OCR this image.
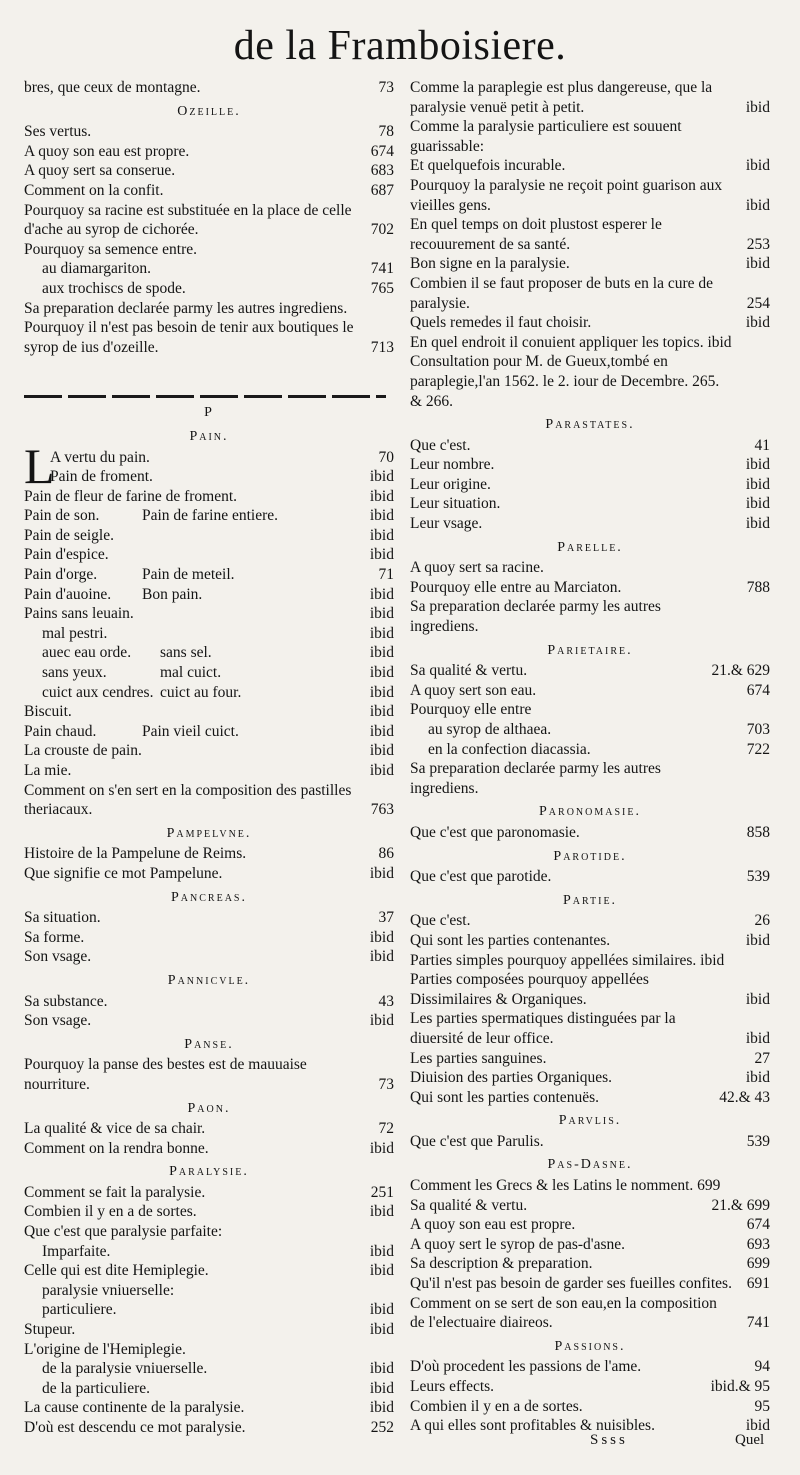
de la Framboisiere.
bres, que ceux de montagne.	73
Ozeille.
Ses vertus.	78
A quoy son eau est propre.	674
A quoy sert sa conserue.	683
Comment on la confit.	687
Pourquoy sa racine est substituée en la place de celle d'ache au syrop de cichorée.	702
Pourquoy sa semence entre.
au diamargariton.	741
aux trochiscs de spode.	765
Sa preparation declarée parmy les autres ingrediens.
Pourquoy il n'est pas besoin de tenir aux boutiques le syrop de ius d'ozeille.	713
P
Pain.
L
A vertu du pain.	70
Pain de froment.	ibid
Pain de fleur de farine de froment.	ibid
Pain de son.	Pain de farine entiere.	ibid
Pain de seigle.	ibid
Pain d'espice.	ibid
Pain d'orge.	Pain de meteil.	71
Pain d'auoine.	Bon pain.	ibid
Pains sans leuain.	ibid
mal pestri.	ibid
auec eau orde.	sans sel.	ibid
sans yeux.	mal cuict.	ibid
cuict aux cendres. cuict au four.	ibid
Biscuit.	ibid
Pain chaud.	Pain vieil cuict.	ibid
La crouste de pain.	ibid
La mie.	ibid
Comment on s'en sert en la composition des pastilles theriacaux.	763
Pampelvne.
Histoire de la Pampelune de Reims.	86
Que signifie ce mot Pampelune.	ibid
Pancreas.
Sa situation.	37
Sa forme.	ibid
Son vsage.	ibid
Pannicvle.
Sa substance.	43
Son vsage.	ibid
Panse.
Pourquoy la panse des bestes est de mauuaise nourriture.	73
Paon.
La qualité & vice de sa chair.	72
Comment on la rendra bonne.	ibid
Paralysie.
Comment se fait la paralysie.	251
Combien il y en a de sortes.	ibid
Que c'est que paralysie parfaite:
Imparfaite.	ibid
Celle qui est dite Hemiplegie.	ibid
paralysie vniuerselle:
particuliere.	ibid
Stupeur.	ibid
L'origine de l'Hemiplegie.
de la paralysie vniuerselle.	ibid
de la particuliere.	ibid
La cause continente de la paralysie.	ibid
D'où est descendu ce mot paralysie.	252
Comme la paraplegie est plus dangereuse, que la paralysie venuë petit à petit.	ibid
Comme la paralysie particuliere est souuent guarissable:
Et quelquefois incurable.	ibid
Pourquoy la paralysie ne reçoit point guarison aux vieilles gens.	ibid
En quel temps on doit plustost esperer le recouurement de sa santé.	253
Bon signe en la paralysie.	ibid
Combien il se faut proposer de buts en la cure de paralysie.	254
Quels remedes il faut choisir.	ibid
En quel endroit il conuient appliquer les topics. ibid
Consultation pour M. de Gueux,tombé en paraplegie,l'an 1562. le 2. iour de Decembre. 265. & 266.
Parastates.
Que c'est.	41
Leur nombre.	ibid
Leur origine.	ibid
Leur situation.	ibid
Leur vsage.	ibid
Parelle.
A quoy sert sa racine.
Pourquoy elle entre au Marciaton.	788
Sa preparation declarée parmy les autres ingrediens.
Parietaire.
Sa qualité & vertu.	21.& 629
A quoy sert son eau.	674
Pourquoy elle entre
au syrop de althaea.	703
en la confection diacassia.	722
Sa preparation declarée parmy les autres ingrediens.
Paronomasie.
Que c'est que paronomasie.	858
Parotide.
Que c'est que parotide.	539
Partie.
Que c'est.	26
Qui sont les parties contenantes.	ibid
Parties simples pourquoy appellées similaires. ibid
Parties composées pourquoy appellées Dissimilaires & Organiques.	ibid
Les parties spermatiques distinguées par la diuersité de leur office.	ibid
Les parties sanguines.	27
Diuision des parties Organiques.	ibid
Qui sont les parties contenuës.	42.& 43
Parvlis.
Que c'est que Parulis.	539
Pas-Dasne.
Comment les Grecs & les Latins le nomment. 699
Sa qualité & vertu.	21.& 699
A quoy son eau est propre.	674
A quoy sert le syrop de pas-d'asne.	693
Sa description & preparation.	699
Qu'il n'est pas besoin de garder ses fueilles confites. 691
Comment on se sert de son eau,en la composition de l'electuaire diaireos.	741
Passions.
D'où procedent les passions de l'ame.	94
Leurs effects.	ibid.& 95
Combien il y en a de sortes.	95
A qui elles sont profitables & nuisibles.	ibid
Ssss	Quel
